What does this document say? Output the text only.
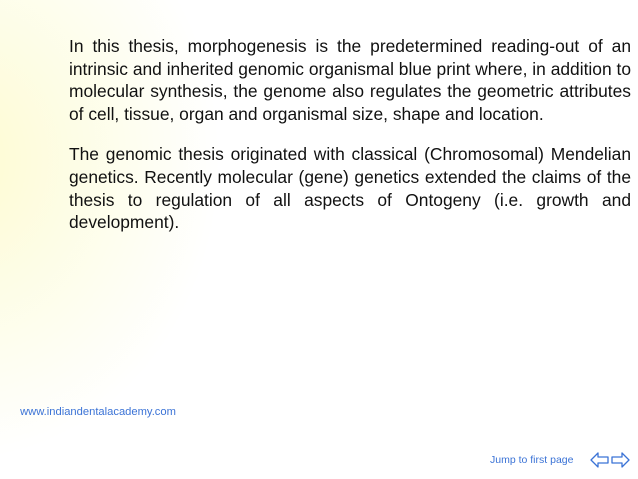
In this thesis, morphogenesis is the predetermined reading-out of an intrinsic and inherited genomic organismal blue print where, in addition to molecular synthesis, the genome also regulates the geometric attributes of cell, tissue, organ and organismal size, shape and location.

The genomic thesis originated with classical (Chromosomal) Mendelian genetics. Recently molecular (gene) genetics extended the claims of the thesis to regulation of all aspects of Ontogeny (i.e. growth and development).

www.indiandentalacademy.com
Jump to first page
